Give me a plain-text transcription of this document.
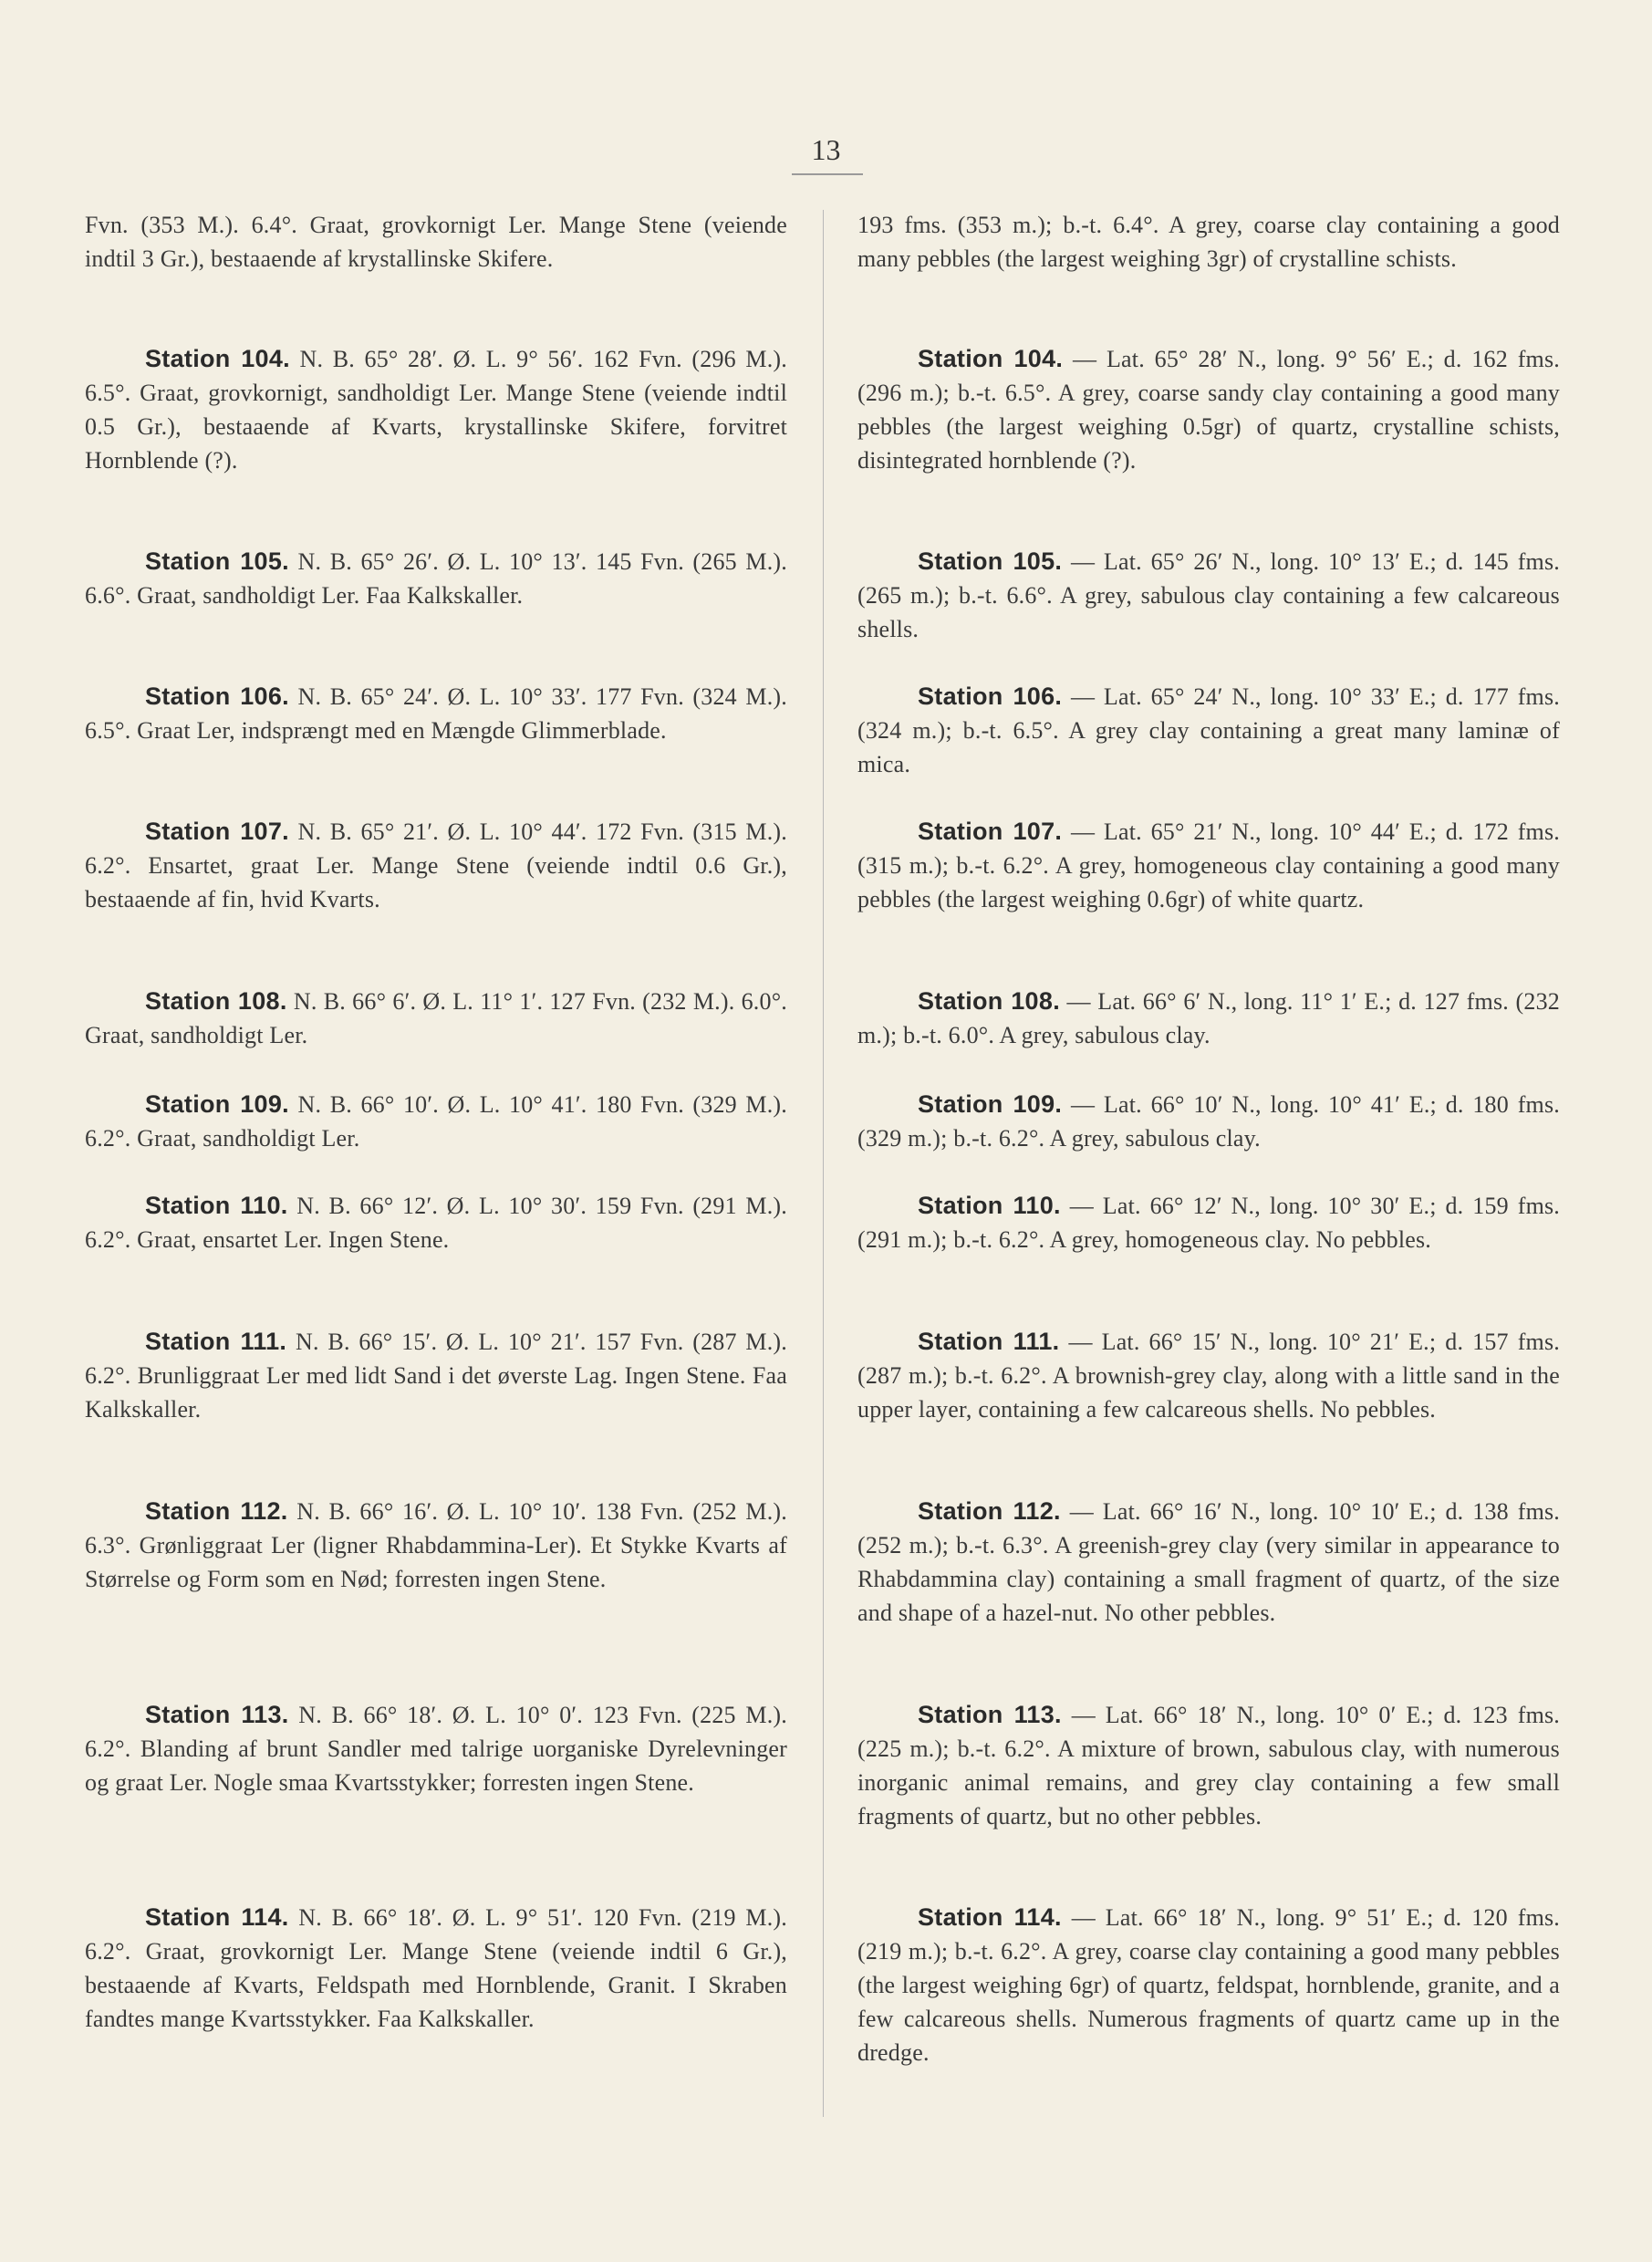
13

Fvn. (353 M.). 6.4°. Graat, grovkornigt Ler. Mange Stene (veiende indtil 3 Gr.), bestaaende af krystallinske Skifere.

Station 104. N. B. 65° 28′. Ø. L. 9° 56′. 162 Fvn. (296 M.). 6.5°. Graat, grovkornigt, sandholdigt Ler. Mange Stene (veiende indtil 0.5 Gr.), bestaaende af Kvarts, krystallinske Skifere, forvitret Hornblende (?).

Station 105. N. B. 65° 26′. Ø. L. 10° 13′. 145 Fvn. (265 M.). 6.6°. Graat, sandholdigt Ler. Faa Kalkskaller.

Station 106. N. B. 65° 24′. Ø. L. 10° 33′. 177 Fvn. (324 M.). 6.5°. Graat Ler, indsprængt med en Mængde Glimmerblade.

Station 107. N. B. 65° 21′. Ø. L. 10° 44′. 172 Fvn. (315 M.). 6.2°. Ensartet, graat Ler. Mange Stene (veiende indtil 0.6 Gr.), bestaaende af fin, hvid Kvarts.

Station 108. N. B. 66° 6′. Ø. L. 11° 1′. 127 Fvn. (232 M.). 6.0°. Graat, sandholdigt Ler.

Station 109. N. B. 66° 10′. Ø. L. 10° 41′. 180 Fvn. (329 M.). 6.2°. Graat, sandholdigt Ler.

Station 110. N. B. 66° 12′. Ø. L. 10° 30′. 159 Fvn. (291 M.). 6.2°. Graat, ensartet Ler. Ingen Stene.

Station 111. N. B. 66° 15′. Ø. L. 10° 21′. 157 Fvn. (287 M.). 6.2°. Brunliggraat Ler med lidt Sand i det øverste Lag. Ingen Stene. Faa Kalkskaller.

Station 112. N. B. 66° 16′. Ø. L. 10° 10′. 138 Fvn. (252 M.). 6.3°. Grønliggraat Ler (ligner Rhabdammina-Ler). Et Stykke Kvarts af Størrelse og Form som en Nød; forresten ingen Stene.

Station 113. N. B. 66° 18′. Ø. L. 10° 0′. 123 Fvn. (225 M.). 6.2°. Blanding af brunt Sandler med talrige uorganiske Dyrelevninger og graat Ler. Nogle smaa Kvartsstykker; forresten ingen Stene.

Station 114. N. B. 66° 18′. Ø. L. 9° 51′. 120 Fvn. (219 M.). 6.2°. Graat, grovkornigt Ler. Mange Stene (veiende indtil 6 Gr.), bestaaende af Kvarts, Feldspath med Hornblende, Granit. I Skraben fandtes mange Kvartsstykker. Faa Kalkskaller.

193 fms. (353 m.); b.-t. 6.4°. A grey, coarse clay containing a good many pebbles (the largest weighing 3gr) of crystalline schists.

Station 104. — Lat. 65° 28′ N., long. 9° 56′ E.; d. 162 fms. (296 m.); b.-t. 6.5°. A grey, coarse sandy clay containing a good many pebbles (the largest weighing 0.5gr) of quartz, crystalline schists, disintegrated hornblende (?).

Station 105. — Lat. 65° 26′ N., long. 10° 13′ E.; d. 145 fms. (265 m.); b.-t. 6.6°. A grey, sabulous clay containing a few calcareous shells.

Station 106. — Lat. 65° 24′ N., long. 10° 33′ E.; d. 177 fms. (324 m.); b.-t. 6.5°. A grey clay containing a great many laminæ of mica.

Station 107. — Lat. 65° 21′ N., long. 10° 44′ E.; d. 172 fms. (315 m.); b.-t. 6.2°. A grey, homogeneous clay containing a good many pebbles (the largest weighing 0.6gr) of white quartz.

Station 108. — Lat. 66° 6′ N., long. 11° 1′ E.; d. 127 fms. (232 m.); b.-t. 6.0°. A grey, sabulous clay.

Station 109. — Lat. 66° 10′ N., long. 10° 41′ E.; d. 180 fms. (329 m.); b.-t. 6.2°. A grey, sabulous clay.

Station 110. — Lat. 66° 12′ N., long. 10° 30′ E.; d. 159 fms. (291 m.); b.-t. 6.2°. A grey, homogeneous clay. No pebbles.

Station 111. — Lat. 66° 15′ N., long. 10° 21′ E.; d. 157 fms. (287 m.); b.-t. 6.2°. A brownish-grey clay, along with a little sand in the upper layer, containing a few calcareous shells. No pebbles.

Station 112. — Lat. 66° 16′ N., long. 10° 10′ E.; d. 138 fms. (252 m.); b.-t. 6.3°. A greenish-grey clay (very similar in appearance to Rhabdammina clay) containing a small fragment of quartz, of the size and shape of a hazel-nut. No other pebbles.

Station 113. — Lat. 66° 18′ N., long. 10° 0′ E.; d. 123 fms. (225 m.); b.-t. 6.2°. A mixture of brown, sabulous clay, with numerous inorganic animal remains, and grey clay containing a few small fragments of quartz, but no other pebbles.

Station 114. — Lat. 66° 18′ N., long. 9° 51′ E.; d. 120 fms. (219 m.); b.-t. 6.2°. A grey, coarse clay containing a good many pebbles (the largest weighing 6gr) of quartz, feldspat, hornblende, granite, and a few calcareous shells. Numerous fragments of quartz came up in the dredge.
